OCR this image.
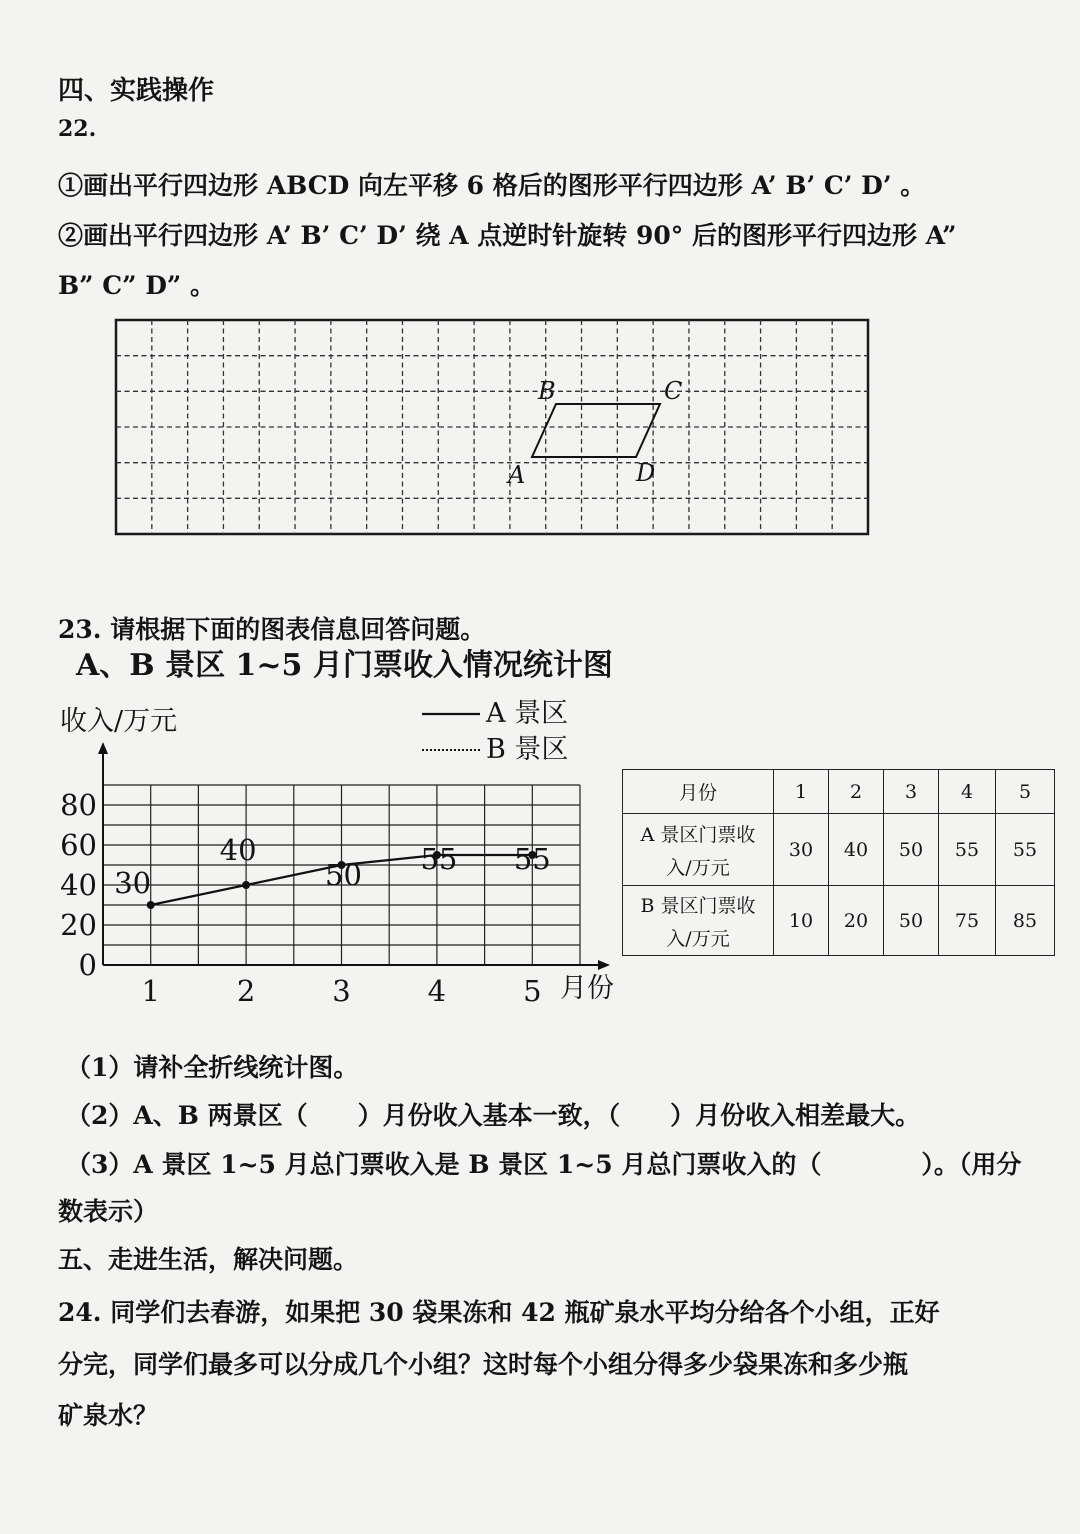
四、实践操作
22.
①画出平行四边形 ABCD 向左平移 6 格后的图形平行四边形 A’ B’ C’ D’ 。
②画出平行四边形 A’ B’ C’ D’ 绕 A 点逆时针旋转 90° 后的图形平行四边形 A”
B” C” D” 。
A
B	C
D
23. 请根据下面的图表信息回答问题。
A、B 景区 1~5 月门票收入情况统计图
收入/万元	A 景区
B 景区
0
20
40
60
80
1	2	3	4	5
30
40
50 55 55
月份
月份	1	2	3	4	5

A 景区门票收
入/万元	30	40	50	55	55

B 景区门票收
入/万元	10	20	50	75	85
（1）请补全折线统计图。
（2）A、B 两景区（　　）月份收入基本一致，（　　）月份收入相差最大。
（3）A 景区 1~5 月总门票收入是 B 景区 1~5 月总门票收入的（　　　　）。（用分
数表示）
五、走进生活，解决问题。
24. 同学们去春游，如果把 30 袋果冻和 42 瓶矿泉水平均分给各个小组，正好
分完，同学们最多可以分成几个小组？这时每个小组分得多少袋果冻和多少瓶
矿泉水？
